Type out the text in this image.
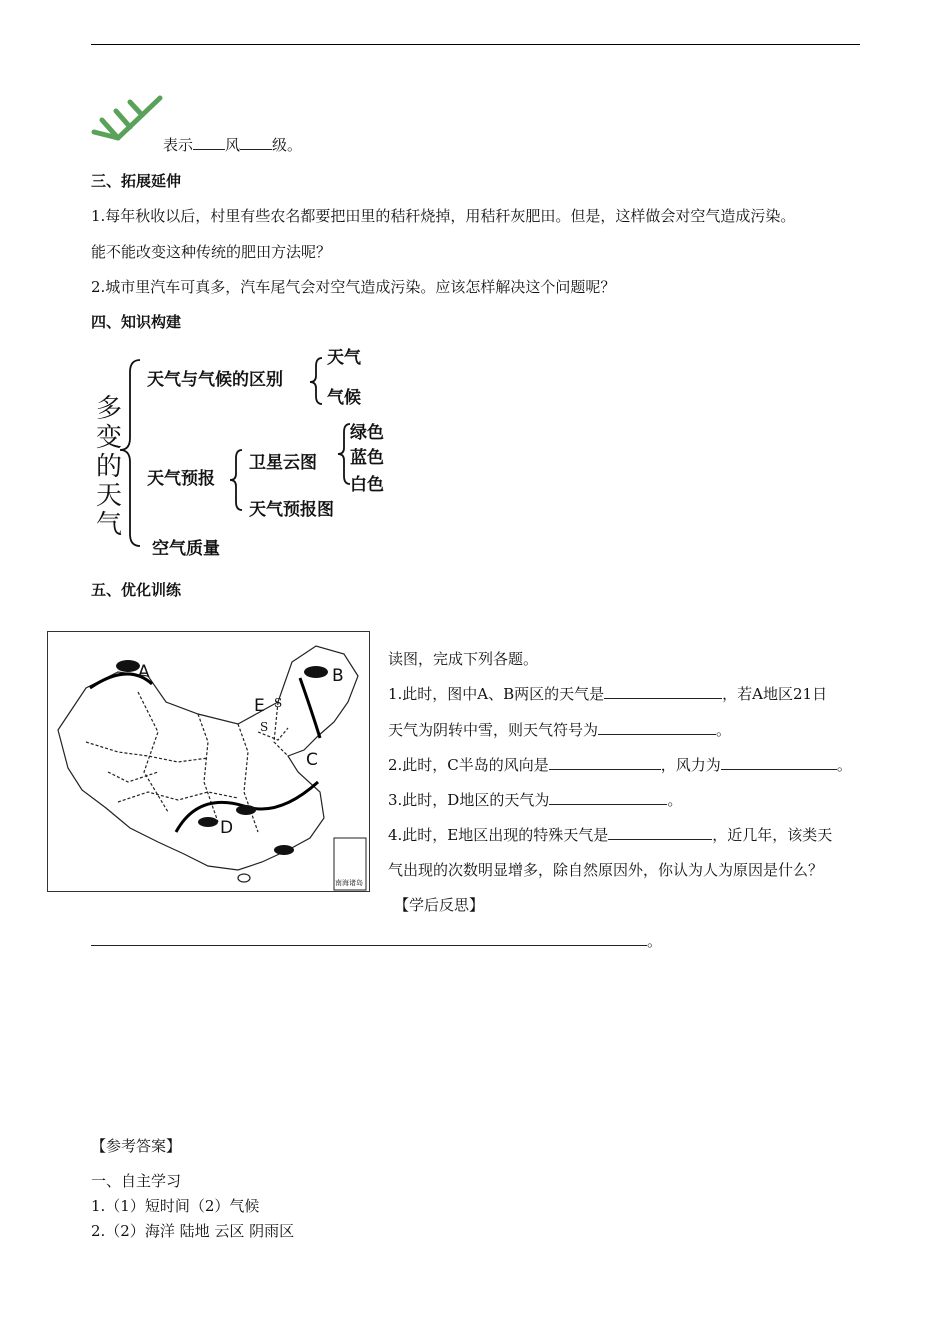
表示 风 级。
三、拓展延伸
1.每年秋收以后，村里有些农名都要把田里的秸秆烧掉，用秸秆灰肥田。但是，这样做会对空气造成污染。
能不能改变这种传统的肥田方法呢？
2.城市里汽车可真多，汽车尾气会对空气造成污染。应该怎样解决这个问题呢？
四、知识构建
多
变
的
天
气
天气与气候的区别
天气
气候
天气预报
卫星云图
绿色
蓝色
白色
天气预报图
空气质量
五、优化训练
A	B
C
D
E S
S
南海诸岛
读图，完成下列各题。
1.此时，图中A、B两区的天气是	，若A地区21日
天气为阴转中雪，则天气符号为	。
2.此时，C半岛的风向是	，风力为	。
3.此时，D地区的天气为	。
4.此时，E地区出现的特殊天气是	，近几年，该类天
气出现的次数明显增多，除自然原因外，你认为人为原因是什么？
【学后反思】
。
【参考答案】
一、自主学习
1.（1）短时间（2）气候
2.（2）海洋 陆地 云区 阴雨区
